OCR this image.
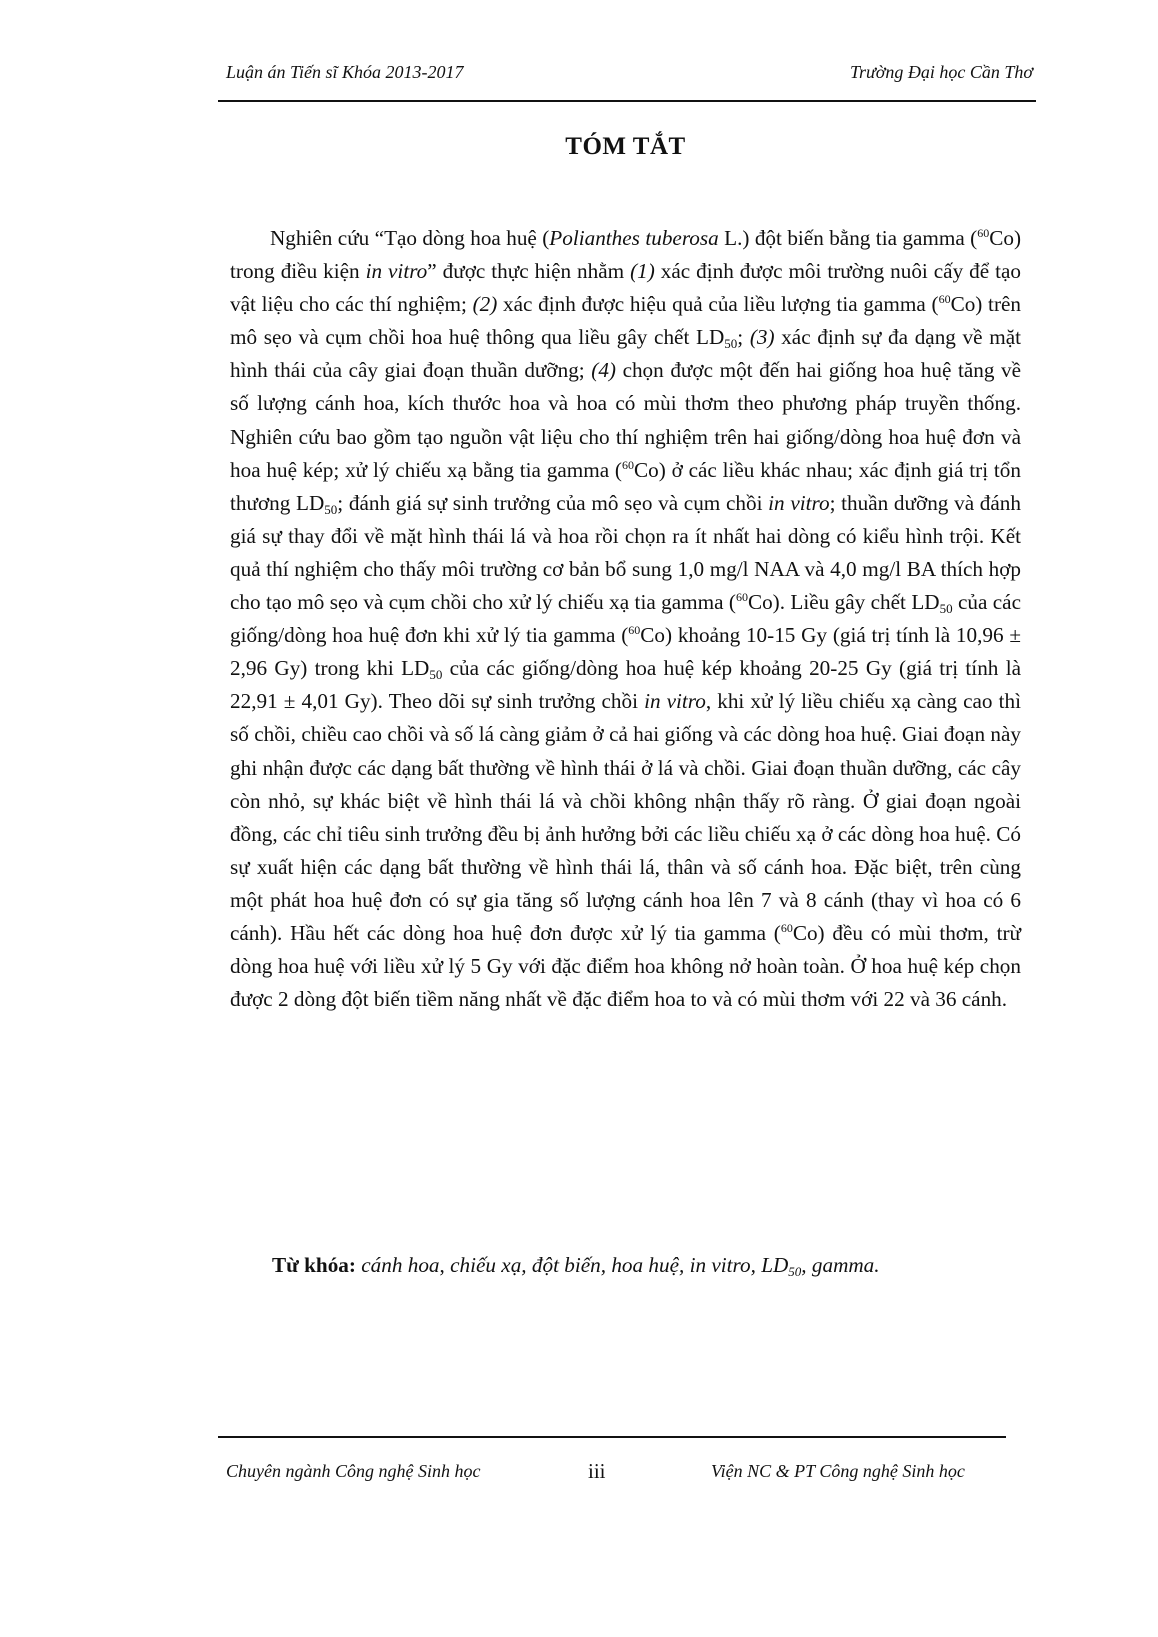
Luận án Tiến sĩ Khóa 2013-2017	Trường Đại học Cần Thơ
TÓM TẮT

Nghiên cứu “Tạo dòng hoa huệ (Polianthes tuberosa L.) đột biến bằng tia gamma ($^{60}$Co) trong điều kiện in vitro” được thực hiện nhằm (1) xác định được môi trường nuôi cấy để tạo vật liệu cho các thí nghiệm; (2) xác định được hiệu quả của liều lượng tia gamma ($^{60}$Co) trên mô sẹo và cụm chồi hoa huệ thông qua liều gây chết $LD_{50}$; (3) xác định sự đa dạng về mặt hình thái của cây giai đoạn thuần dưỡng; (4) chọn được một đến hai giống hoa huệ tăng về số lượng cánh hoa, kích thước hoa và hoa có mùi thơm theo phương pháp truyền thống. Nghiên cứu bao gồm tạo nguồn vật liệu cho thí nghiệm trên hai giống/dòng hoa huệ đơn và hoa huệ kép; xử lý chiếu xạ bằng tia gamma ($^{60}$Co) ở các liều khác nhau; xác định giá trị tổn thương $LD_{50}$; đánh giá sự sinh trưởng của mô sẹo và cụm chồi in vitro; thuần dưỡng và đánh giá sự thay đổi về mặt hình thái lá và hoa rồi chọn ra ít nhất hai dòng có kiểu hình trội. Kết quả thí nghiệm cho thấy môi trường cơ bản bổ sung 1,0 mg/l NAA và 4,0 mg/l BA thích hợp cho tạo mô sẹo và cụm chồi cho xử lý chiếu xạ tia gamma ($^{60}$Co). Liều gây chết $LD_{50}$ của các giống/dòng hoa huệ đơn khi xử lý tia gamma ($^{60}$Co) khoảng 10-15 Gy (giá trị tính là 10,96 ± 2,96 Gy) trong khi $LD_{50}$ của các giống/dòng hoa huệ kép khoảng 20-25 Gy (giá trị tính là 22,91 ± 4,01 Gy). Theo dõi sự sinh trưởng chồi in vitro, khi xử lý liều chiếu xạ càng cao thì số chồi, chiều cao chồi và số lá càng giảm ở cả hai giống và các dòng hoa huệ. Giai đoạn này ghi nhận được các dạng bất thường về hình thái ở lá và chồi. Giai đoạn thuần dưỡng, các cây còn nhỏ, sự khác biệt về hình thái lá và chồi không nhận thấy rõ ràng. Ở giai đoạn ngoài đồng, các chỉ tiêu sinh trưởng đều bị ảnh hưởng bởi các liều chiếu xạ ở các dòng hoa huệ. Có sự xuất hiện các dạng bất thường về hình thái lá, thân và số cánh hoa. Đặc biệt, trên cùng một phát hoa huệ đơn có sự gia tăng số lượng cánh hoa lên 7 và 8 cánh (thay vì hoa có 6 cánh). Hầu hết các dòng hoa huệ đơn được xử lý tia gamma ($^{60}$Co) đều có mùi thơm, trừ dòng hoa huệ với liều xử lý 5 Gy với đặc điểm hoa không nở hoàn toàn. Ở hoa huệ kép chọn được 2 dòng đột biến tiềm năng nhất về đặc điểm hoa to và có mùi thơm với 22 và 36 cánh.

Từ khóa: cánh hoa, chiếu xạ, đột biến, hoa huệ, in vitro, $LD_{50}$, gamma.
Chuyên ngành Công nghệ Sinh học	iii	Viện NC & PT Công nghệ Sinh học
